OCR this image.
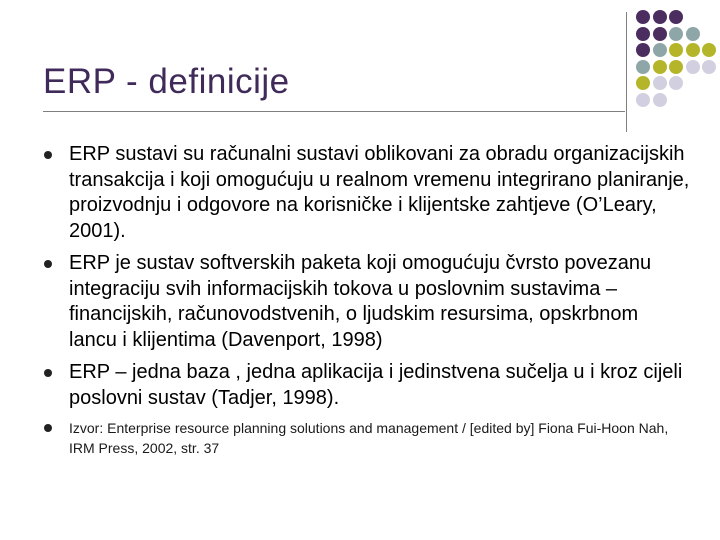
ERP - definicije
ERP sustavi su računalni sustavi oblikovani za obradu organizacijskih transakcija i koji omogućuju u realnom vremenu integrirano planiranje, proizvodnju i odgovore na korisničke i klijentske zahtjeve (O’Leary, 2001).
ERP je sustav softverskih paketa koji omogućuju čvrsto povezanu integraciju svih informacijskih tokova u poslovnim sustavima – financijskih, računovodstvenih, o ljudskim resursima, opskrbnom lancu i klijentima (Davenport, 1998)
ERP – jedna baza , jedna aplikacija i jedinstvena sučelja u i kroz cijeli poslovni sustav (Tadjer, 1998).
Izvor: Enterprise resource planning solutions and management / [edited by] Fiona Fui-Hoon Nah, IRM Press, 2002, str. 37
